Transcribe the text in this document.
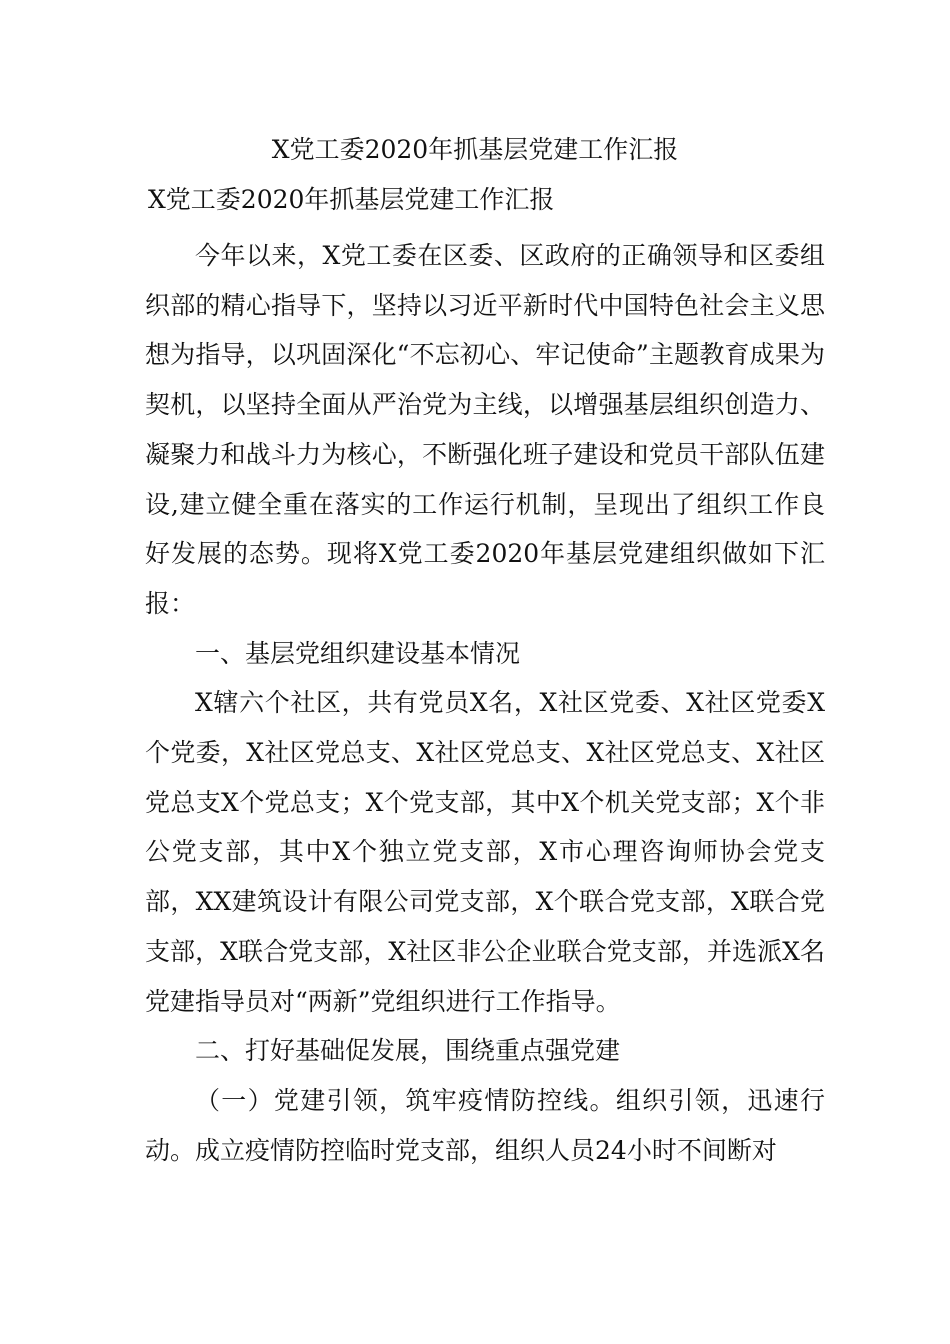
X党工委2020年抓基层党建工作汇报
X党工委2020年抓基层党建工作汇报

今年以来，X党工委在区委、区政府的正确领导和区委组织部的精心指导下，坚持以习近平新时代中国特色社会主义思想为指导，以巩固深化“不忘初心、牢记使命”主题教育成果为契机，以坚持全面从严治党为主线，以增强基层组织创造力、凝聚力和战斗力为核心，不断强化班子建设和党员干部队伍建设,建立健全重在落实的工作运行机制，呈现出了组织工作良好发展的态势。现将X党工委2020年基层党建组织做如下汇报：

一、基层党组织建设基本情况

X辖六个社区，共有党员X名，X社区党委、X社区党委X个党委，X社区党总支、X社区党总支、X社区党总支、X社区党总支X个党总支；X个党支部，其中X个机关党支部；X个非公党支部，其中X个独立党支部，X市心理咨询师协会党支部，XX建筑设计有限公司党支部，X个联合党支部，X联合党支部，X联合党支部，X社区非公企业联合党支部，并选派X名党建指导员对“两新”党组织进行工作指导。

二、打好基础促发展，围绕重点强党建

（一）党建引领，筑牢疫情防控线。组织引领，迅速行动。成立疫情防控临时党支部，组织人员24小时不间断对
